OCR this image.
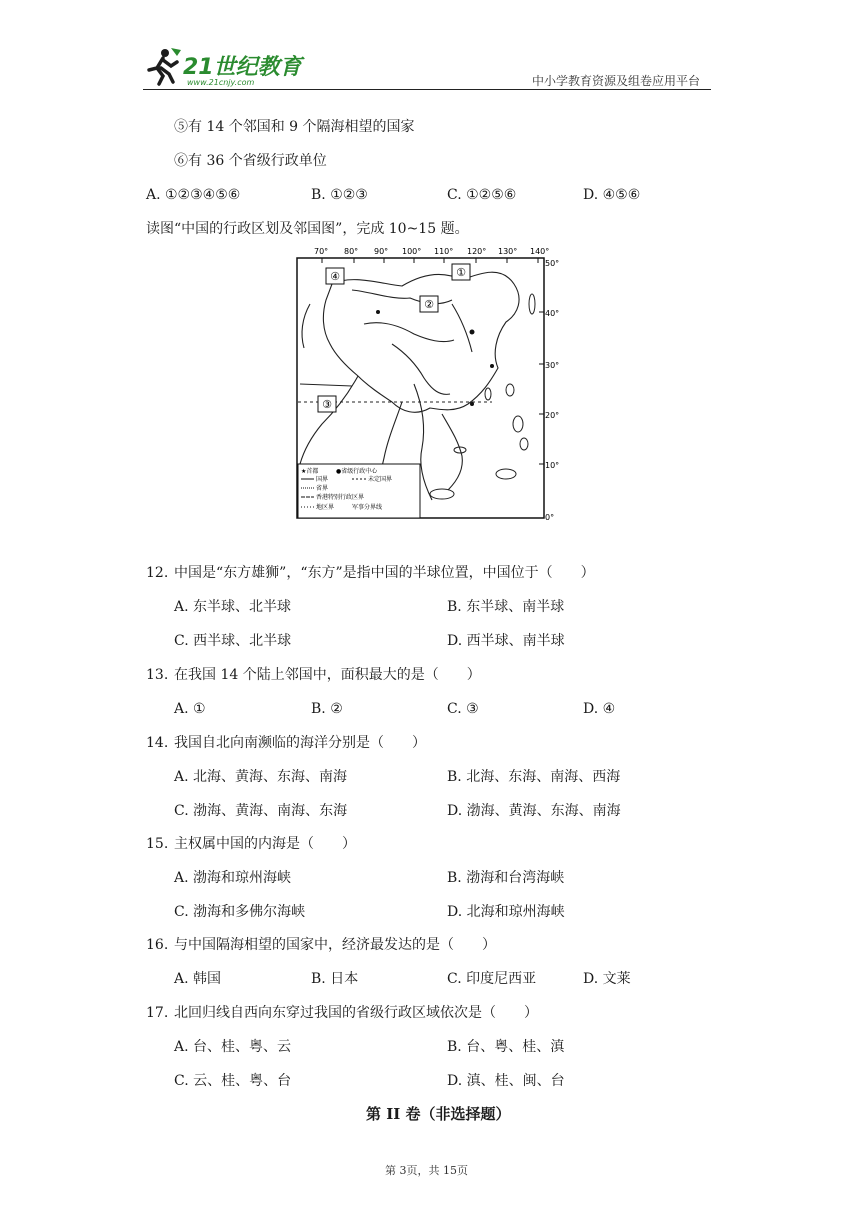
21世纪教育
www.21cnjy.com	中小学教育资源及组卷应用平台
⑤有 14 个邻国和 9 个隔海相望的国家
⑥有 36 个省级行政单位
A. ①②③④⑤⑥	B. ①②③	C. ①②⑤⑥	D. ④⑤⑥
读图“中国的行政区划及邻国图”，完成 10~15 题。
70° 80° 90° 100° 110° 120° 130° 140°
50°
40°
30°
20°
10°
0°
①
②
③
④
★首都	●省级行政中心
国界	未定国界
省界
香港特别行政区界
地区界	军事分界线
12. 中国是“东方雄狮”，“东方”是指中国的半球位置，中国位于（　　）
A. 东半球、北半球	B. 东半球、南半球
C. 西半球、北半球	D. 西半球、南半球
13. 在我国 14 个陆上邻国中，面积最大的是（　　）
A. ①	B. ②	C. ③	D. ④
14. 我国自北向南濒临的海洋分别是（　　）
A. 北海、黄海、东海、南海	B. 北海、东海、南海、西海
C. 渤海、黄海、南海、东海	D. 渤海、黄海、东海、南海
15. 主权属中国的内海是（　　）
A. 渤海和琼州海峡	B. 渤海和台湾海峡
C. 渤海和多佛尔海峡	D. 北海和琼州海峡
16. 与中国隔海相望的国家中，经济最发达的是（　　）
A. 韩国	B. 日本	C. 印度尼西亚	D. 文莱
17. 北回归线自西向东穿过我国的省级行政区域依次是（　　）
A. 台、桂、粤、云	B. 台、粤、桂、滇
C. 云、桂、粤、台	D. 滇、桂、闽、台
第 II 卷（非选择题）
第 3页，共 15页
